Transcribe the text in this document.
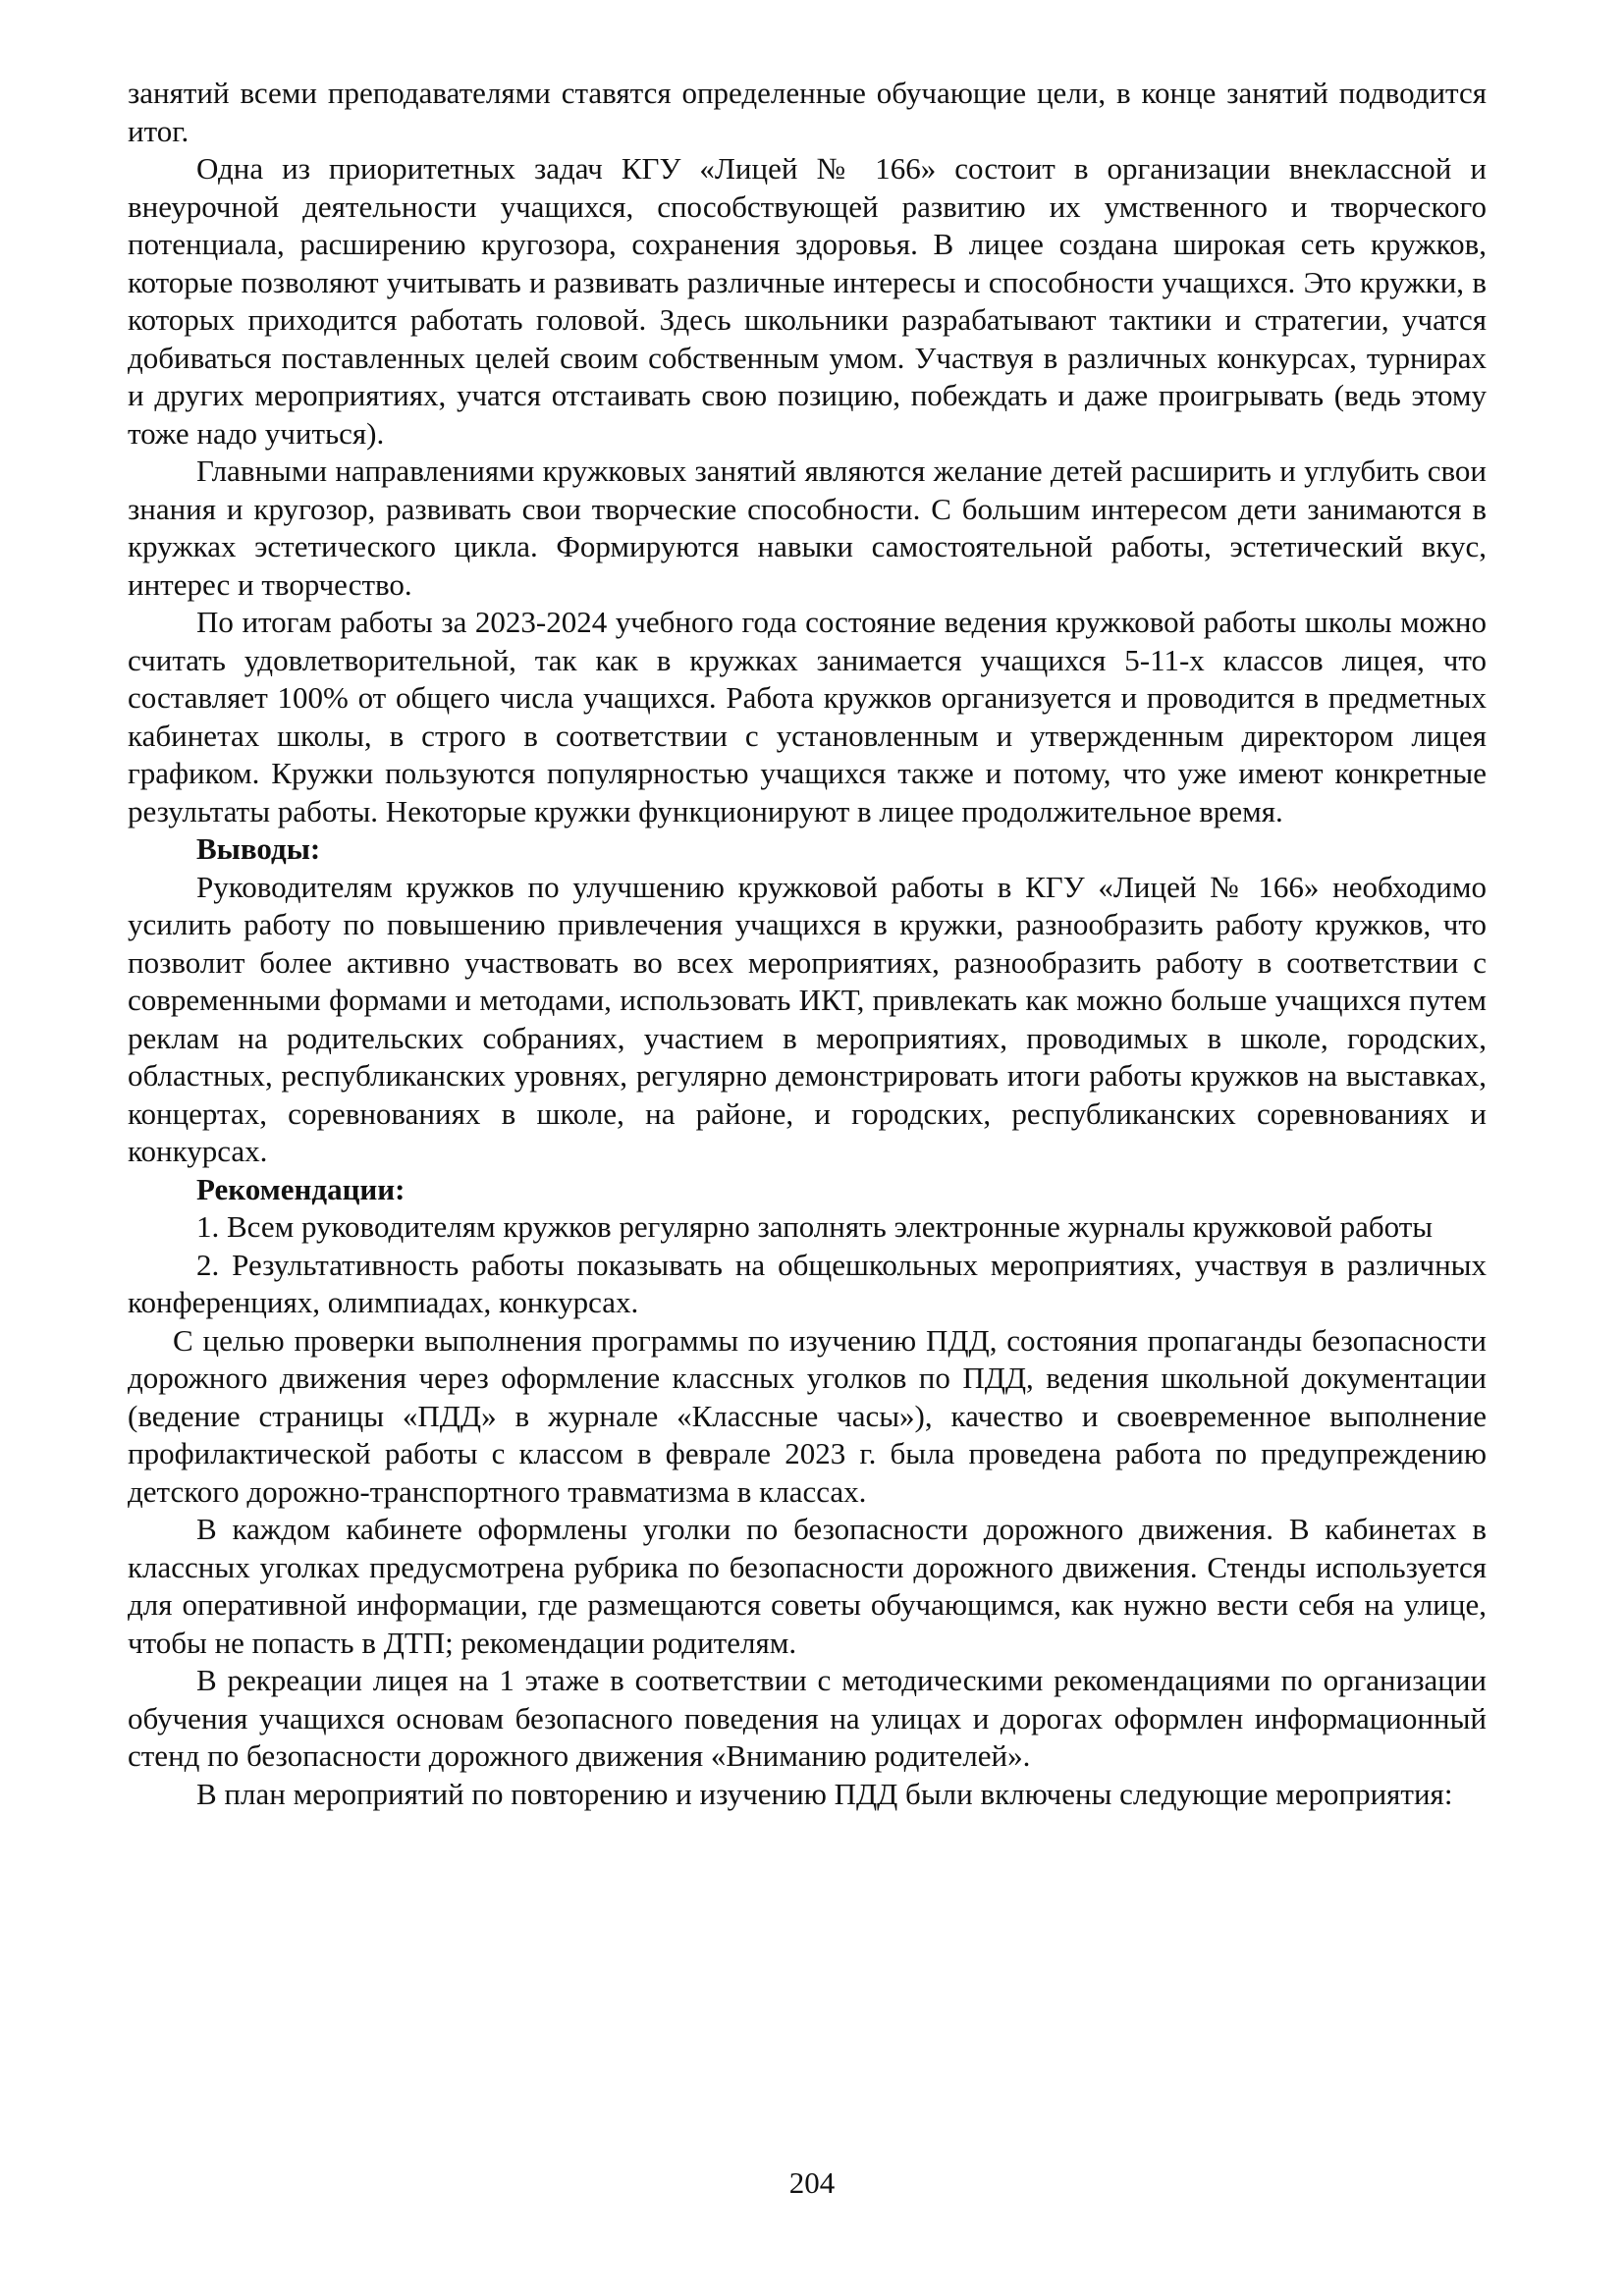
занятий всеми преподавателями ставятся определенные обучающие цели, в конце занятий подводится итог.

Одна из приоритетных задач КГУ «Лицей № 166» состоит в организации внеклассной и внеурочной деятельности учащихся, способствующей развитию их умственного и творческого потенциала, расширению кругозора, сохранения здоровья. В лицее создана широкая сеть кружков, которые позволяют учитывать и развивать различные интересы и способности учащихся. Это кружки, в которых приходится работать головой. Здесь школьники разрабатывают тактики и стратегии, учатся добиваться поставленных целей своим собственным умом. Участвуя в различных конкурсах, турнирах и других мероприятиях, учатся отстаивать свою позицию, побеждать и даже проигрывать (ведь этому тоже надо учиться).

Главными направлениями кружковых занятий являются желание детей расширить и углубить свои знания и кругозор, развивать свои творческие способности. С большим интересом дети занимаются в кружках эстетического цикла. Формируются навыки самостоятельной работы, эстетический вкус, интерес и творчество.

По итогам работы за 2023-2024 учебного года состояние ведения кружковой работы школы можно считать удовлетворительной, так как в кружках занимается учащихся 5-11-х классов лицея, что составляет 100% от общего числа учащихся. Работа кружков организуется и проводится в предметных кабинетах школы, в строго в соответствии с установленным и утвержденным директором лицея графиком. Кружки пользуются популярностью учащихся также и потому, что уже имеют конкретные результаты работы. Некоторые кружки функционируют в лицее продолжительное время.

Выводы:

Руководителям кружков по улучшению кружковой работы в КГУ «Лицей № 166» необходимо усилить работу по повышению привлечения учащихся в кружки, разнообразить работу кружков, что позволит более активно участвовать во всех мероприятиях, разнообразить работу в соответствии с современными формами и методами, использовать ИКТ, привлекать как можно больше учащихся путем реклам на родительских собраниях, участием в мероприятиях, проводимых в школе, городских, областных, республиканских уровнях, регулярно демонстрировать итоги работы кружков на выставках, концертах, соревнованиях в школе, на районе, и городских, республиканских соревнованиях и конкурсах.

Рекомендации:

1. Всем руководителям кружков регулярно заполнять электронные журналы кружковой работы

2. Результативность работы показывать на общешкольных мероприятиях, участвуя в различных конференциях, олимпиадах, конкурсах.

С целью проверки выполнения программы по изучению ПДД, состояния пропаганды безопасности дорожного движения через оформление классных уголков по ПДД, ведения школьной документации (ведение страницы «ПДД» в журнале «Классные часы»), качество и своевременное выполнение профилактической работы с классом в феврале 2023 г. была проведена работа по предупреждению детского дорожно-транспортного травматизма в классах.

В каждом кабинете оформлены уголки по безопасности дорожного движения. В кабинетах в классных уголках предусмотрена рубрика по безопасности дорожного движения. Стенды используется для оперативной информации, где размещаются советы обучающимся, как нужно вести себя на улице, чтобы не попасть в ДТП; рекомендации родителям.

В рекреации лицея на 1 этаже в соответствии с методическими рекомендациями по организации обучения учащихся основам безопасного поведения на улицах и дорогах оформлен информационный стенд по безопасности дорожного движения «Вниманию родителей».

В план мероприятий по повторению и изучению ПДД были включены следующие мероприятия:

204
